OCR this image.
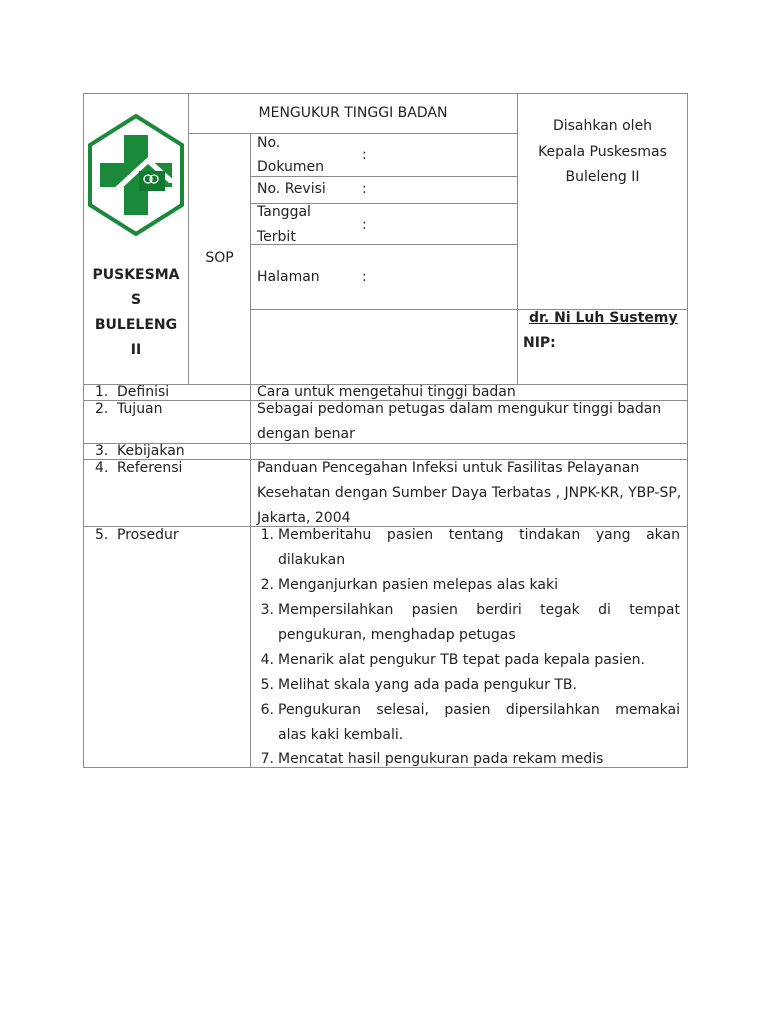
PUSKESMA
S
BULELENG
II
SOP
MENGUKUR TINGGI BADAN
No.
Dokumen
:
No. Revisi	:
Tanggal
Terbit
:
Halaman	:
Disahkan oleh
Kepala Puskesmas
Buleleng II
dr. Ni Luh Sustemy
NIP:
1. Definisi
2. Tujuan
3. Kebijakan
4. Referensi
5. Prosedur
Cara untuk mengetahui tinggi badan
Sebagai pedoman petugas dalam mengukur tinggi badan
dengan benar
Panduan Pencegahan Infeksi untuk Fasilitas Pelayanan
Kesehatan dengan Sumber Daya Terbatas , JNPK-KR, YBP-SP,
Jakarta, 2004
1. Memberitahu pasien tentang tindakan yang akan
dilakukan
2. Menganjurkan pasien melepas alas kaki
3. Mempersilahkan pasien berdiri tegak di tempat
pengukuran, menghadap petugas
4. Menarik alat pengukur TB tepat pada kepala pasien.
5. Melihat skala yang ada pada pengukur TB.
6. Pengukuran selesai, pasien dipersilahkan memakai
alas kaki kembali.
7. Mencatat hasil pengukuran pada rekam medis
